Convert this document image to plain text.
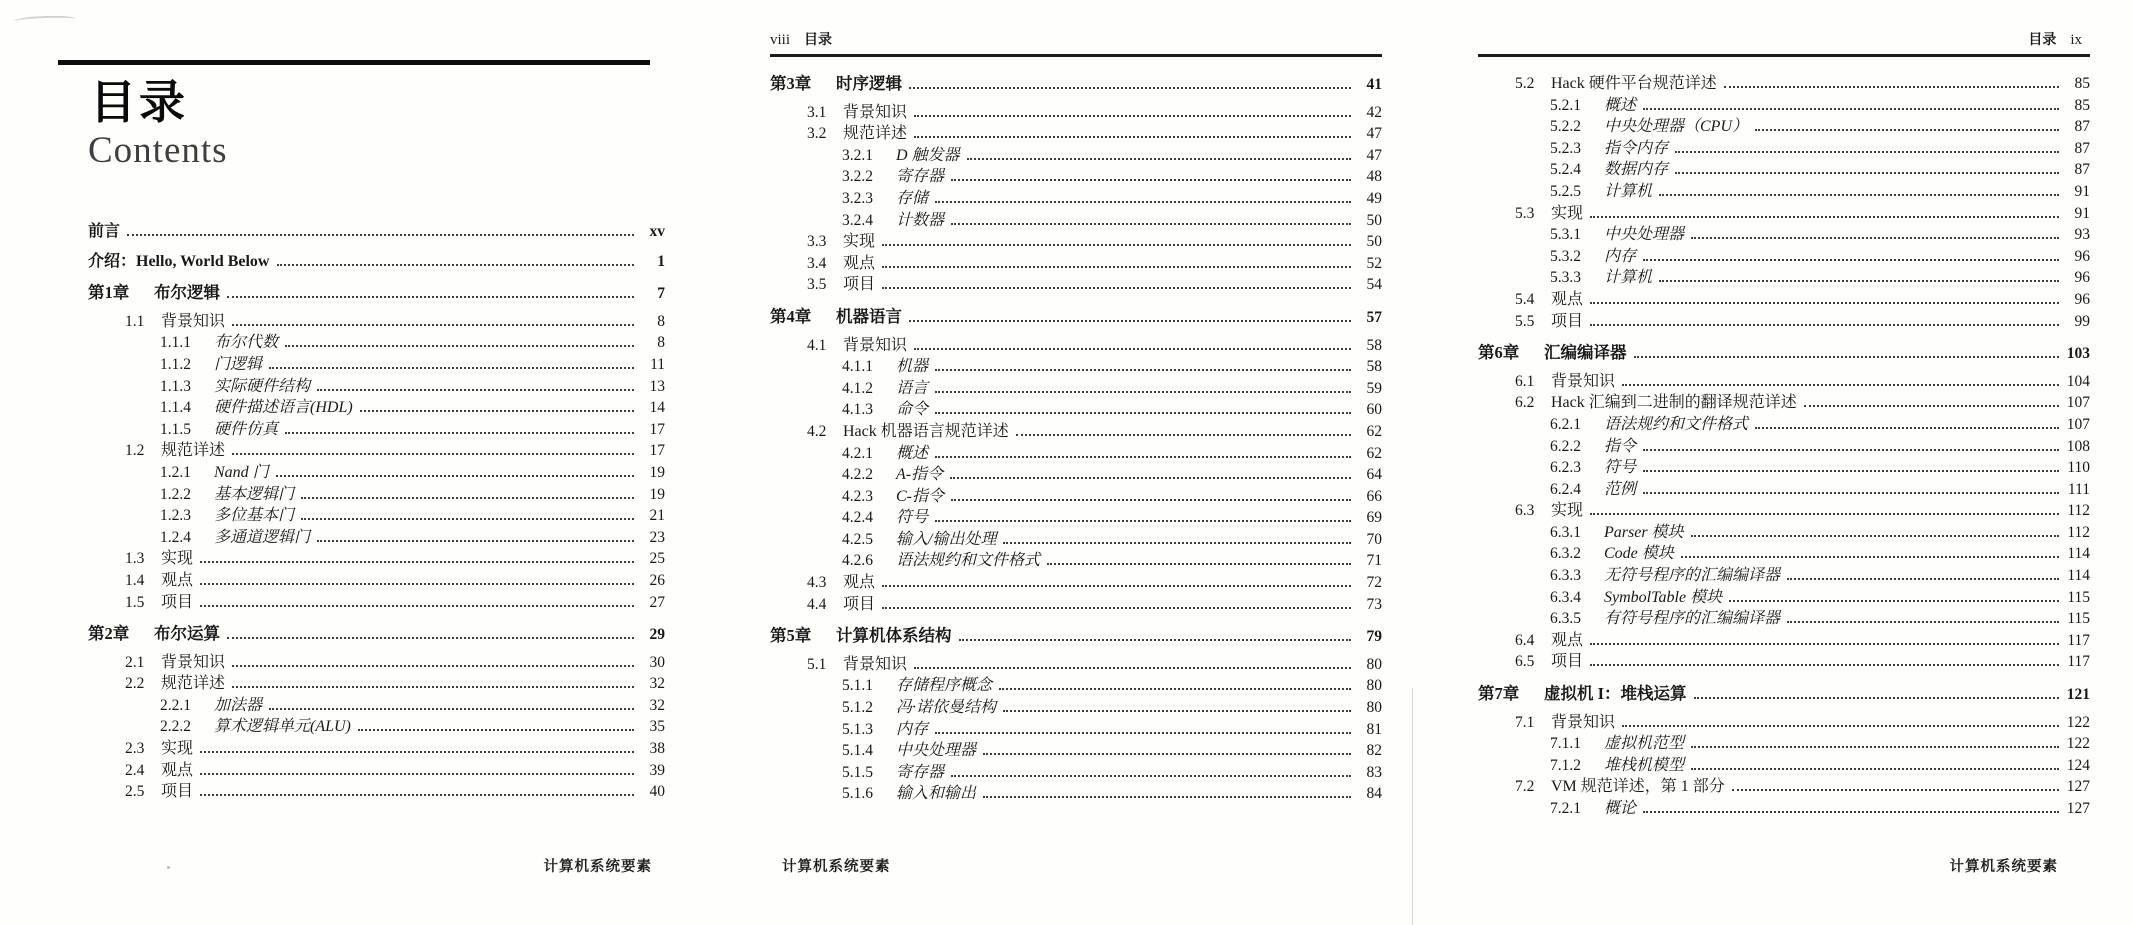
目录
Contents
前言	xv
介绍：Hello, World Below	1
第1章	布尔逻辑	7
1.1	背景知识	8
1.1.1	布尔代数	8
1.1.2	门逻辑	11
1.1.3	实际硬件结构	13
1.1.4	硬件描述语言(HDL)	14
1.1.5	硬件仿真	17
1.2	规范详述	17
1.2.1	Nand 门	19
1.2.2	基本逻辑门	19
1.2.3	多位基本门	21
1.2.4	多通道逻辑门	23
1.3	实现	25
1.4	观点	26
1.5	项目	27
第2章	布尔运算	29
2.1	背景知识	30
2.2	规范详述	32
2.2.1	加法器	32
2.2.2	算术逻辑单元(ALU)	35
2.3	实现	38
2.4	观点	39
2.5	项目	40
viii 目录
第3章	时序逻辑	41
3.1	背景知识	42
3.2	规范详述	47
3.2.1	D 触发器	47
3.2.2	寄存器	48
3.2.3	存储	49
3.2.4	计数器	50
3.3	实现	50
3.4	观点	52
3.5	项目	54
第4章	机器语言	57
4.1	背景知识	58
4.1.1	机器	58
4.1.2	语言	59
4.1.3	命令	60
4.2	Hack 机器语言规范详述	62
4.2.1	概述	62
4.2.2	A-指令	64
4.2.3	C-指令	66
4.2.4	符号	69
4.2.5	输入/输出处理	70
4.2.6	语法规约和文件格式	71
4.3	观点	72
4.4	项目	73
第5章	计算机体系结构	79
5.1	背景知识	80
5.1.1	存储程序概念	80
5.1.2	冯·诺依曼结构	80
5.1.3	内存	81
5.1.4	中央处理器	82
5.1.5	寄存器	83
5.1.6	输入和输出	84
目录 ix
5.2	Hack 硬件平台规范详述	85
5.2.1	概述	85
5.2.2	中央处理器（CPU）	87
5.2.3	指令内存	87
5.2.4	数据内存	87
5.2.5	计算机	91
5.3	实现	91
5.3.1	中央处理器	93
5.3.2	内存	96
5.3.3	计算机	96
5.4	观点	96
5.5	项目	99
第6章	汇编编译器	103
6.1	背景知识	104
6.2	Hack 汇编到二进制的翻译规范详述	107
6.2.1	语法规约和文件格式	107
6.2.2	指令	108
6.2.3	符号	110
6.2.4	范例	111
6.3	实现	112
6.3.1	Parser 模块	112
6.3.2	Code 模块	114
6.3.3	无符号程序的汇编编译器	114
6.3.4	SymbolTable 模块	115
6.3.5	有符号程序的汇编编译器	115
6.4	观点	117
6.5	项目	117
第7章	虚拟机 I：堆栈运算	121
7.1	背景知识	122
7.1.1	虚拟机范型	122
7.1.2	堆栈机模型	124
7.2	VM 规范详述，第 1 部分	127
7.2.1	概论	127
计算机系统要素	计算机系统要素	计算机系统要素
